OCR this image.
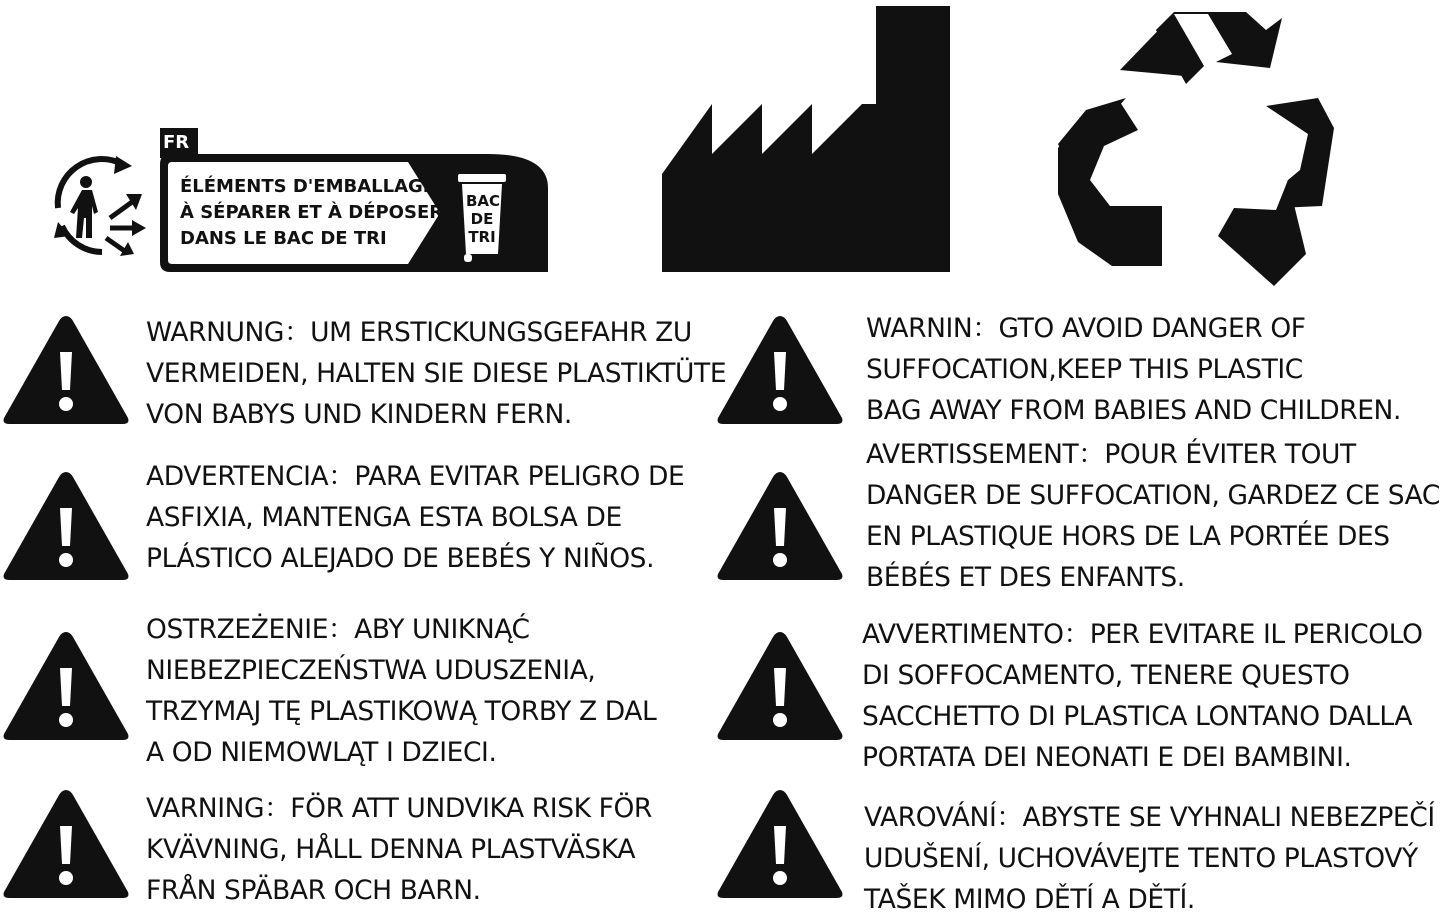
FR
ÉLÉMENTS D'EMBALLAGE
À SÉPARER ET À DÉPOSER
DANS LE BAC DE TRI
BAC
DE
TRI
WARNUNG：UM ERSTICKUNGSGEFAHR ZU
VERMEIDEN, HALTEN SIE DIESE PLASTIKTÜTE
VON BABYS UND KINDERN FERN.
ADVERTENCIA：PARA EVITAR PELIGRO DE
ASFIXIA, MANTENGA ESTA BOLSA DE
PLÁSTICO ALEJADO DE BEBÉS Y NIÑOS.
OSTRZEŻENIE：ABY UNIKNĄĆ
NIEBEZPIECZEŃSTWA UDUSZENIA,
TRZYMAJ TĘ PLASTIKOWĄ TORBY Z DAL
A OD NIEMOWLĄT I DZIECI.
VARNING：FÖR ATT UNDVIKA RISK FÖR
KVÄVNING, HÅLL DENNA PLASTVÄSKA
FRÅN SPÄBAR OCH BARN.
WARNIN：GTO AVOID DANGER OF
SUFFOCATION,KEEP THIS PLASTIC
BAG AWAY FROM BABIES AND CHILDREN.
AVERTISSEMENT：POUR ÉVITER TOUT
DANGER DE SUFFOCATION, GARDEZ CE SAC
EN PLASTIQUE HORS DE LA PORTÉE DES
BÉBÉS ET DES ENFANTS.
AVVERTIMENTO：PER EVITARE IL PERICOLO
DI SOFFOCAMENTO, TENERE QUESTO
SACCHETTO DI PLASTICA LONTANO DALLA
PORTATA DEI NEONATI E DEI BAMBINI.
VAROVÁNÍ：ABYSTE SE VYHNALI NEBEZPEČÍ
UDUŠENÍ, UCHOVÁVEJTE TENTO PLASTOVÝ
TAŠEK MIMO DĚTÍ A DĚTÍ.
